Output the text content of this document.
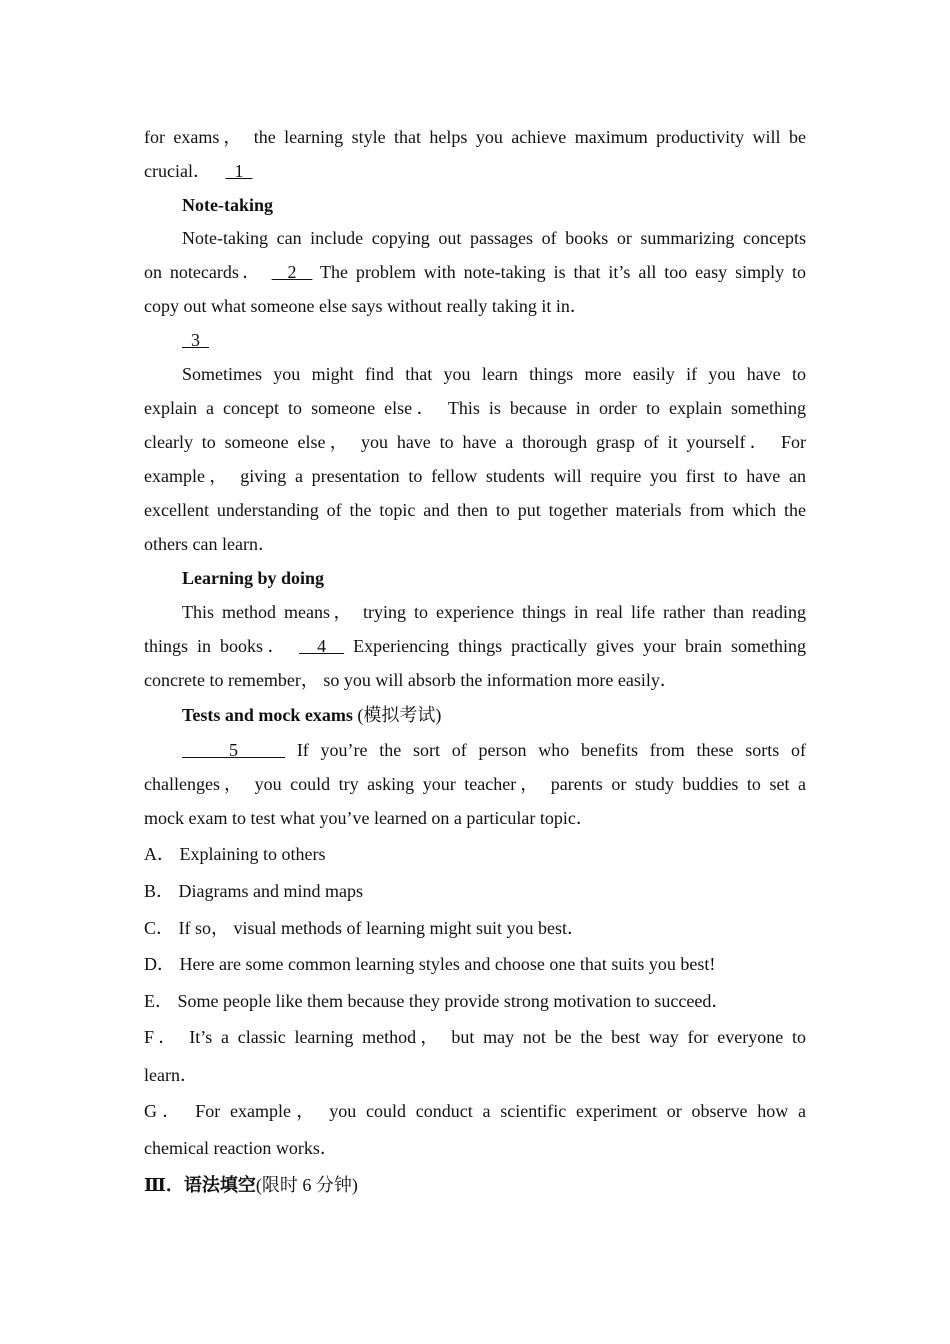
for exams， the learning style that helps you achieve maximum productivity will be
crucial．   1
Note-taking
Note-taking can include copying out passages of books or summarizing concepts
on notecards．   2   The problem with note-taking is that it’s all too easy simply to
copy out what someone else says without really taking it in．
3
Sometimes you might find that you learn things more easily if you have to
explain a concept to someone else． This is because in order to explain something
clearly to someone else， you have to have a thorough grasp of it yourself． For
example， giving a presentation to fellow students will require you first to have an
excellent understanding of the topic and then to put together materials from which the
others can learn．
Learning by doing
This method means， trying to experience things in real life rather than reading
things in books．   4   Experiencing things practically gives your brain something
concrete to remember， so you will absorb the information more easily．
Tests and mock exams (模拟考试)
5     If you’re the sort of person who benefits from these sorts of
challenges， you could try asking your teacher， parents or study buddies to set a
mock exam to test what you’ve learned on a particular topic．
A． Explaining to others
B． Diagrams and mind maps
C． If so， visual methods of learning might suit you best．
D． Here are some common learning styles and choose one that suits you best!
E． Some people like them because they provide strong motivation to succeed．
F． It’s a classic learning method， but may not be the best way for everyone to
learn．
G． For example， you could conduct a scientific experiment or observe how a
chemical reaction works．
Ⅲ．语法填空(限时 6 分钟)
